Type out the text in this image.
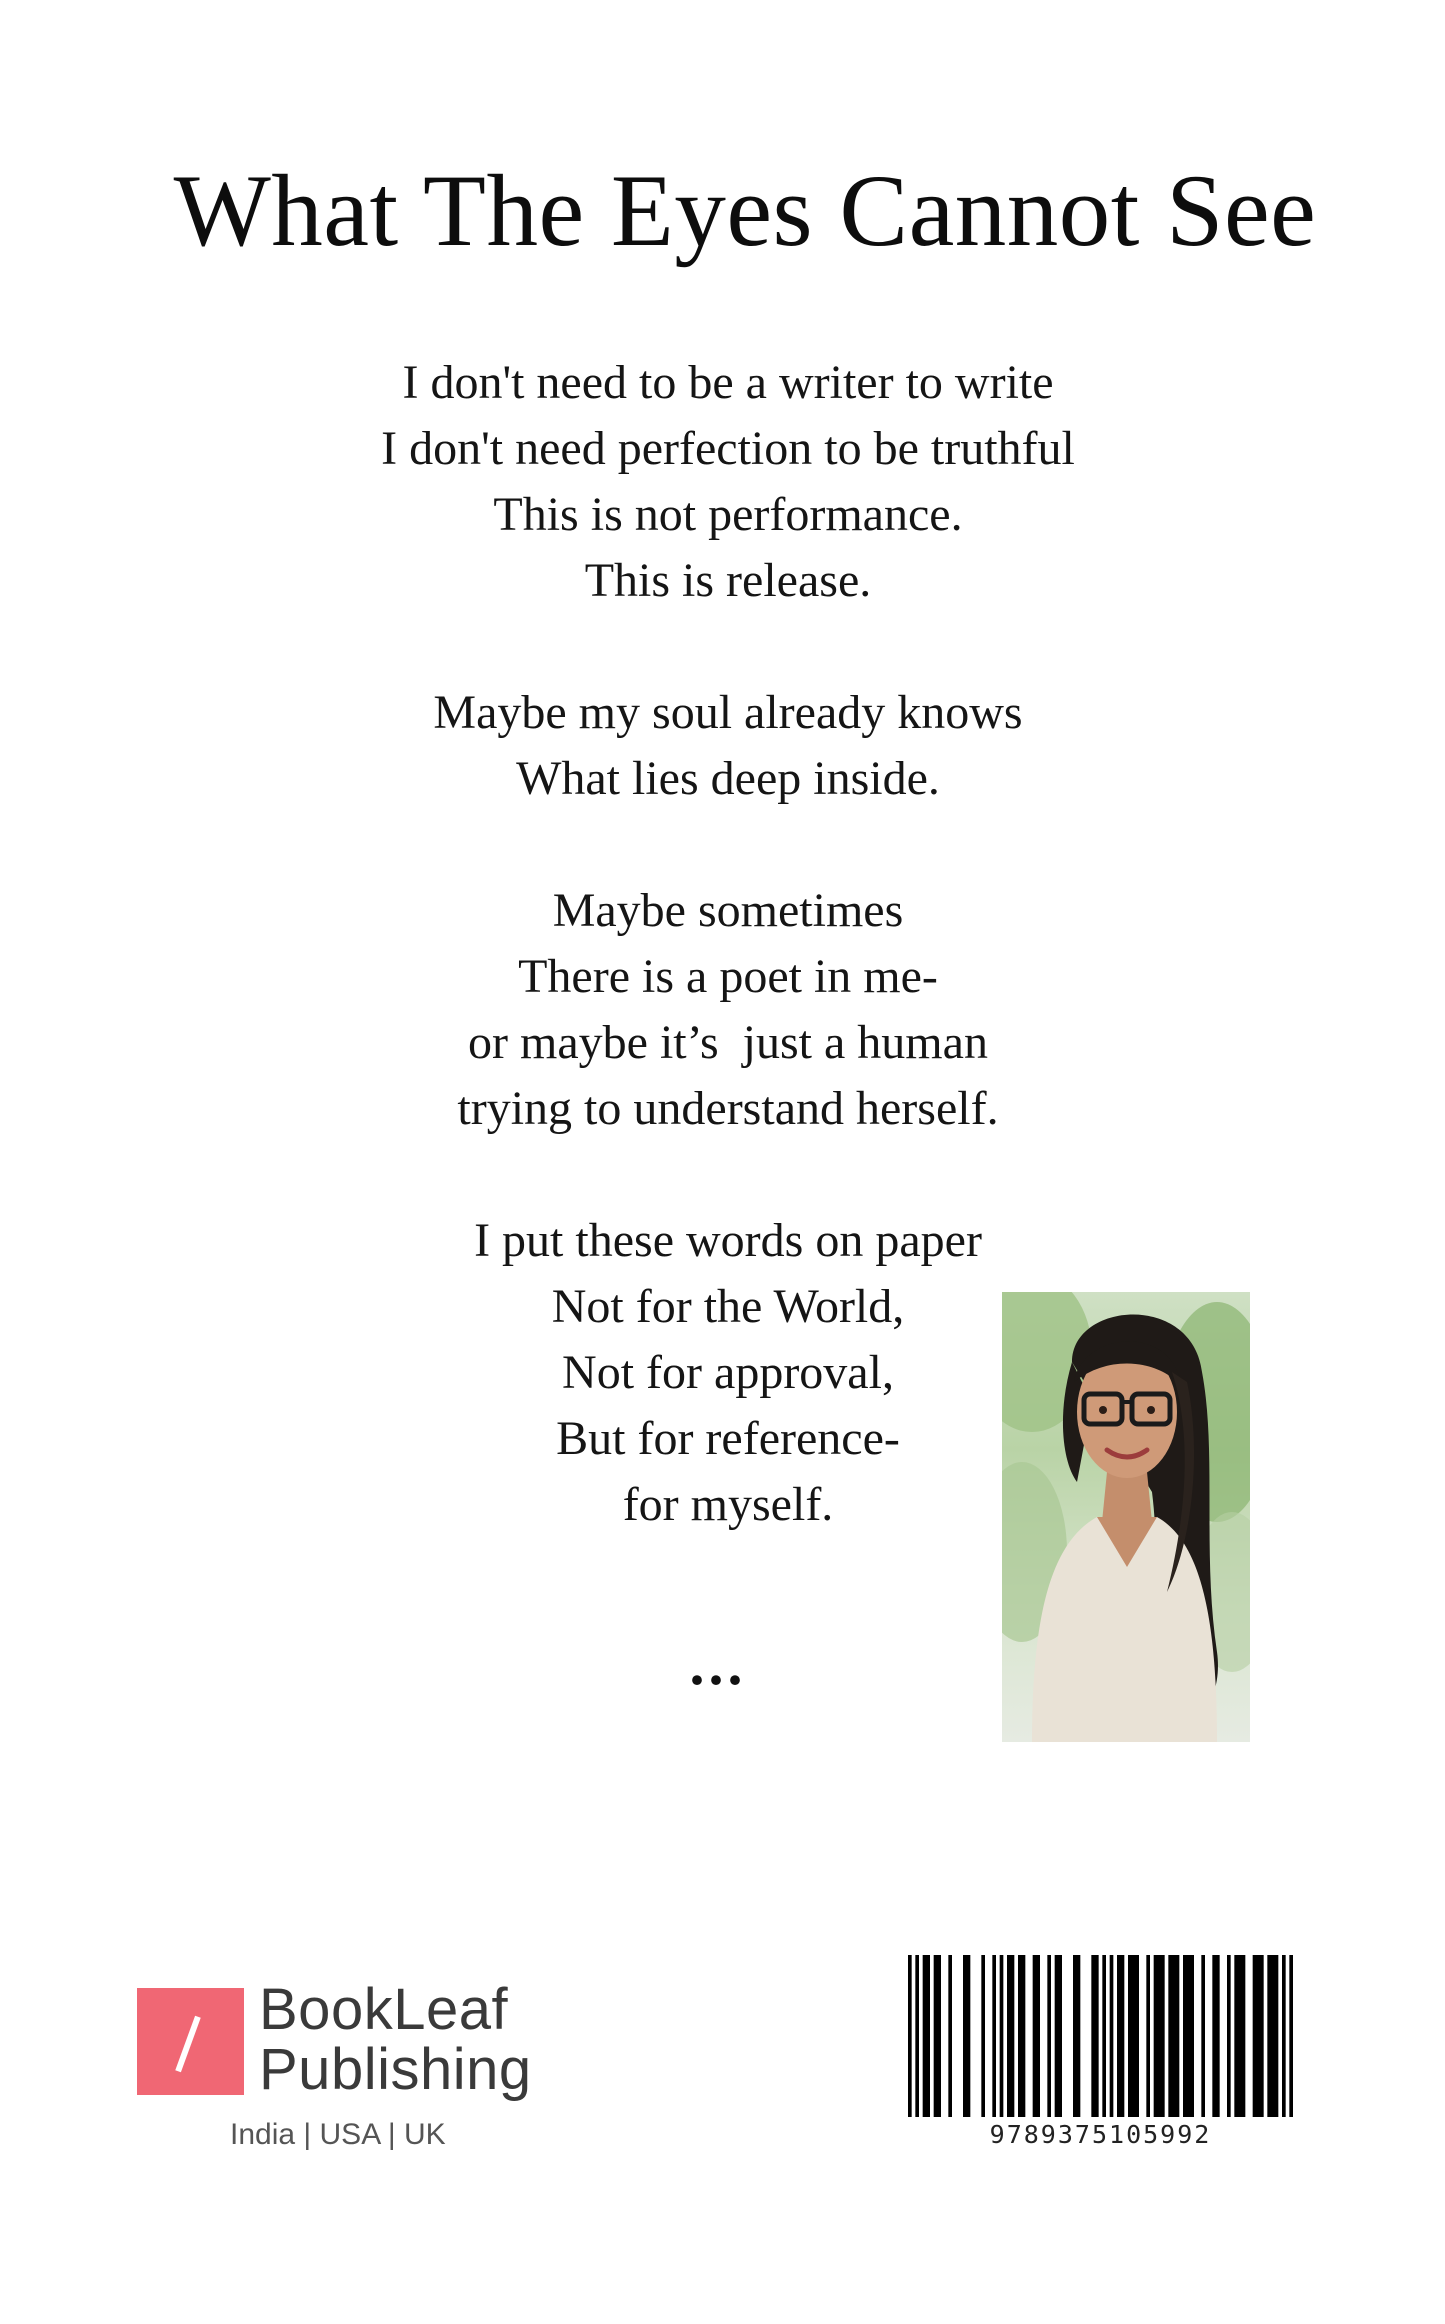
What The Eyes Cannot See
I don't need to be a writer to write
I don't need perfection to be truthful
This is not performance.
This is release.
Maybe my soul already knows
What lies deep inside.
Maybe sometimes
There is a poet in me-
or maybe it’s  just a human
trying to understand herself.
I put these words on paper
Not for the World,
Not for approval,
But for reference-
for myself.
...
BookLeaf
Publishing
India | USA | UK	9789375105992
